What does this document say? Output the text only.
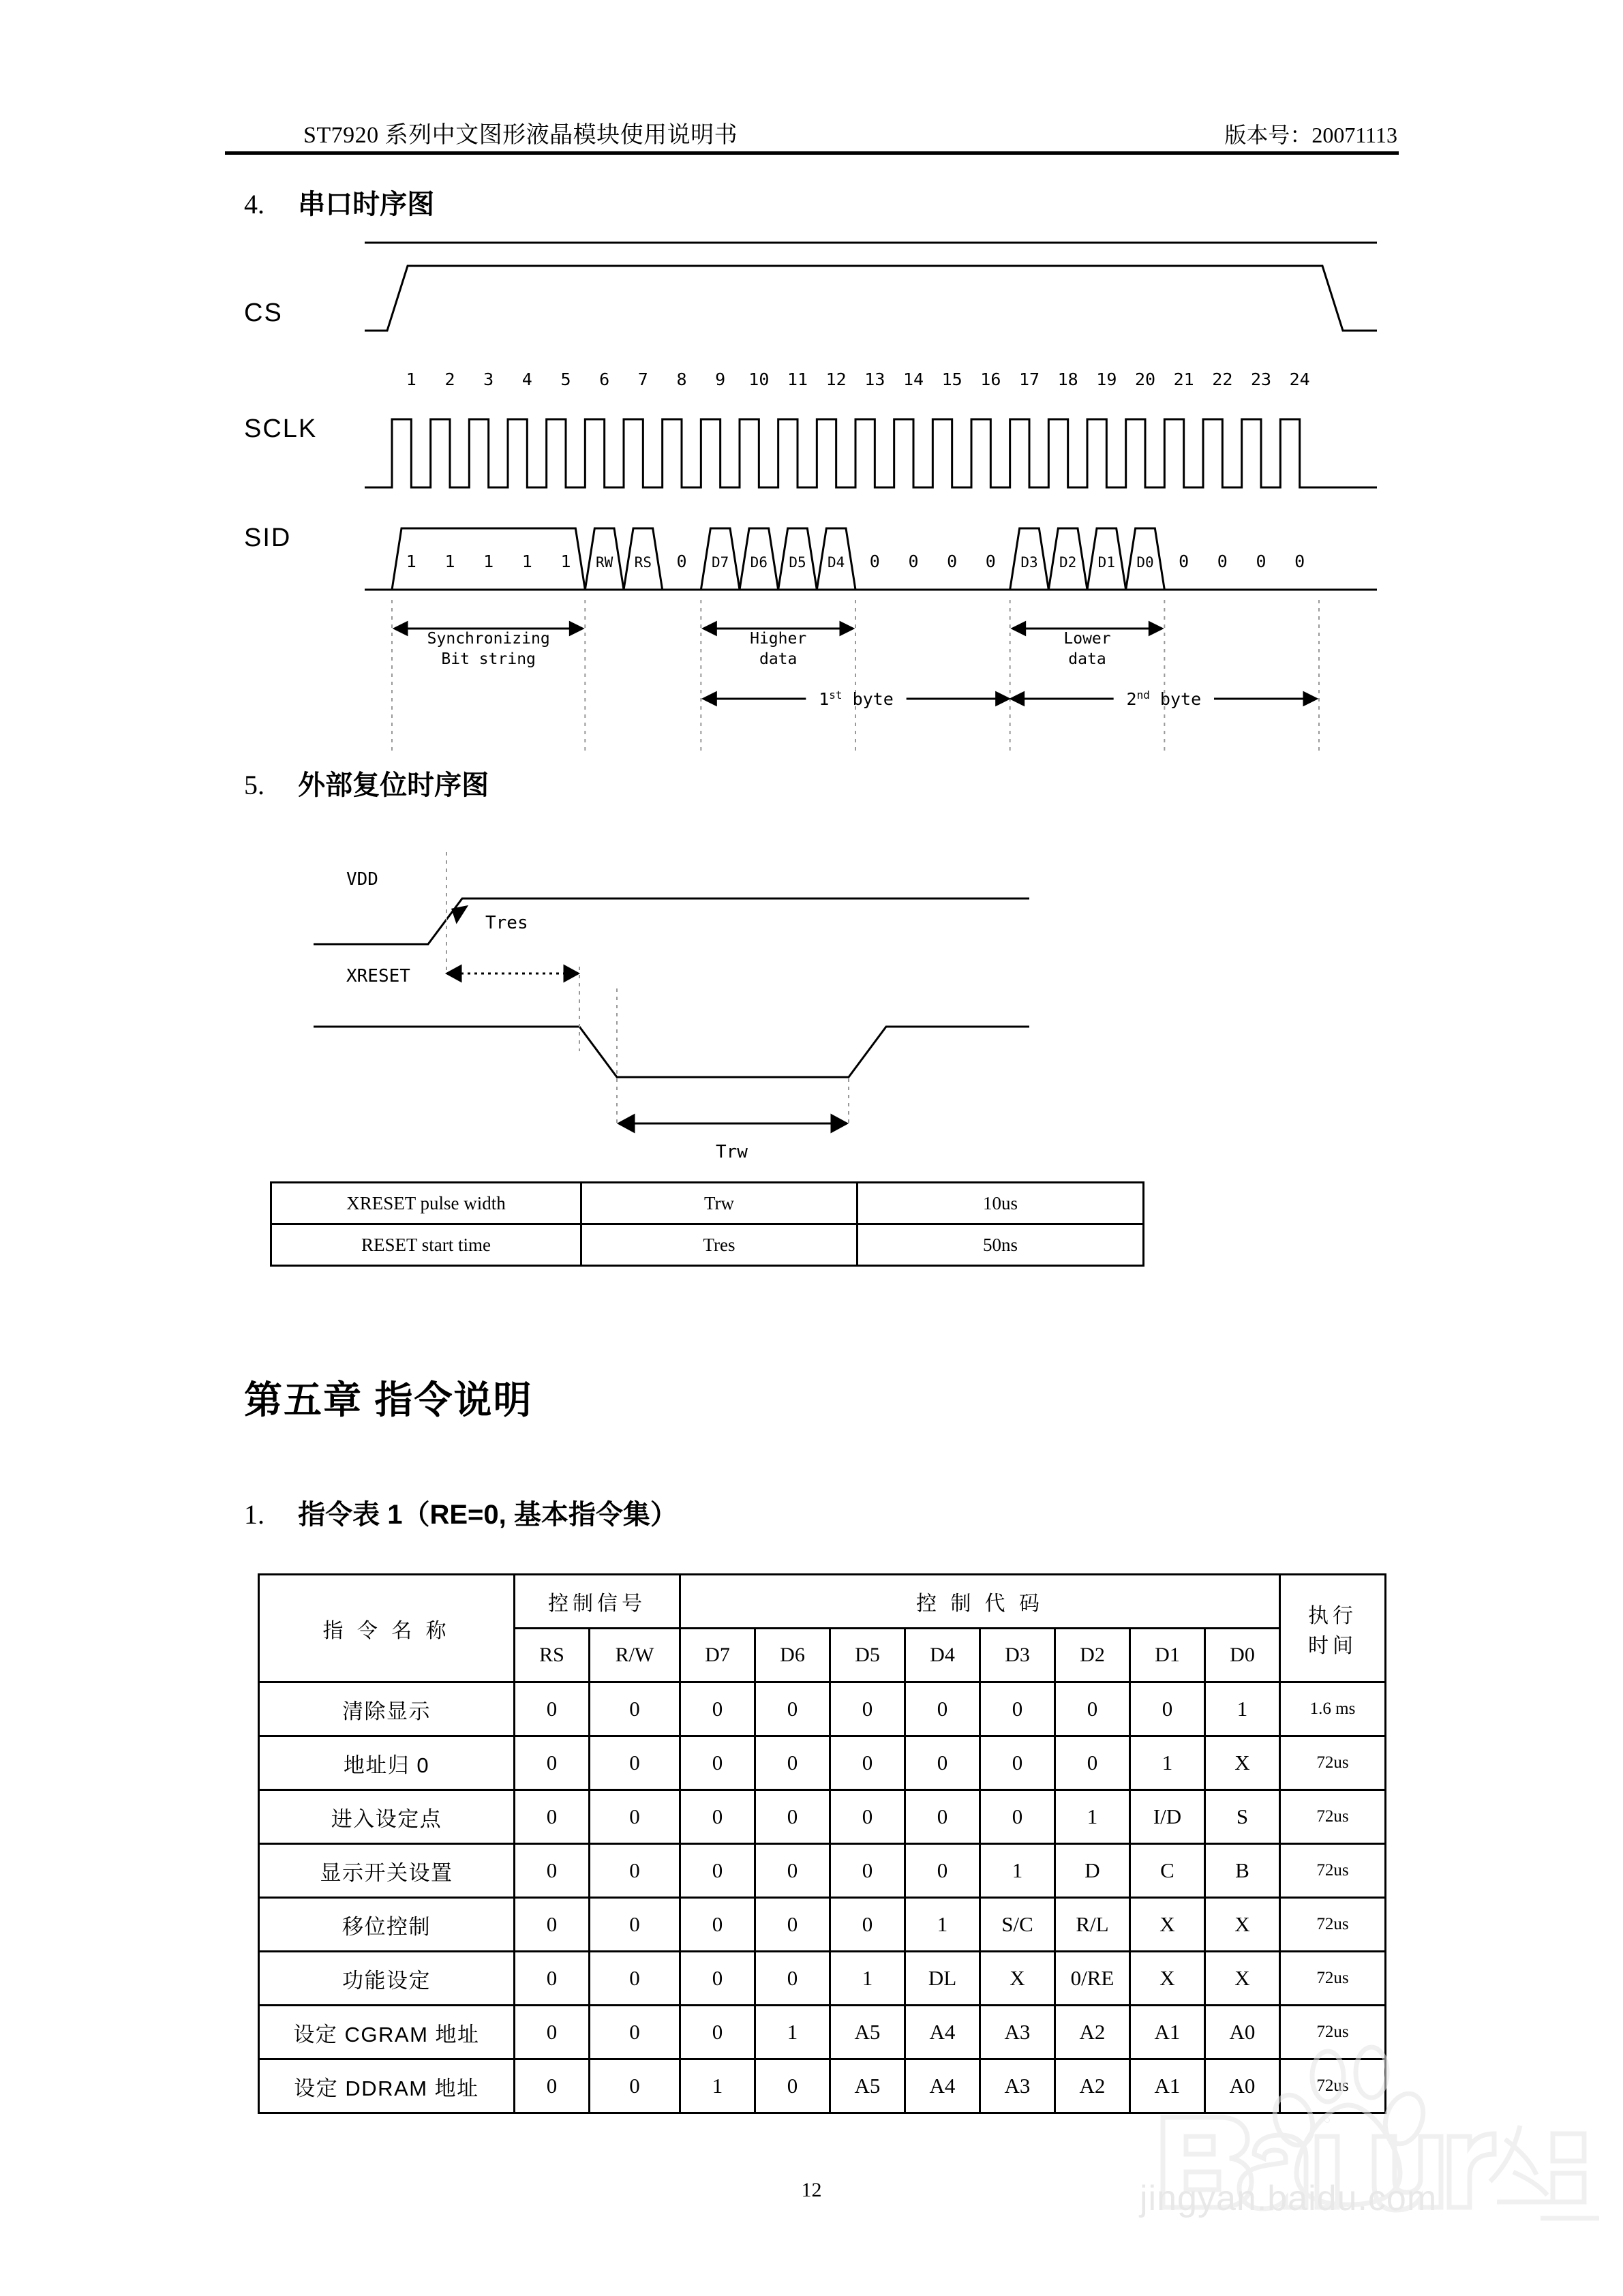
ST7920 系列中文图形液晶模块使用说明书	版本号：20071113
4. 串口时序图
CS
SCLK
SID
1 2 3 4 5 6 7 8 9 10 11 12 13 14 15 16 17 18 19 20 21 22 23 24
1 1 1 1 1 RW RS 0 D7 D6 D5 D4 0 0 0 0 D3 D2 D1 D0 0 0 0 0
Synchronizing
Bit string
Higher
data
Lower
data
1st byte	2nd byte
5. 外部复位时序图
VDD
Tres
XRESET
Trw
XRESET pulse width	Trw	10us
RESET start time	Tres	50ns
第五章 指令说明
1. 指令表 1（RE=0, 基本指令集）
指 令 名 称	控制信号		控 制 代 码								执行
时间

	RS	R/W	D7	D6	D5	D4	D3	D2	D1	D0	
清除显示	0	0	0	0	0	0	0	0	0	1	1.6 ms
地址归 0	0	0	0	0	0	0	0	0	1	X	72us
进入设定点	0	0	0	0	0	0	0	1	I/D	S	72us
显示开关设置	0	0	0	0	0	0	1	D	C	B	72us
移位控制	0	0	0	0	0	1	S/C	R/L	X	X	72us
功能设定	0	0	0	0	1	DL	X	0/RE	X	X	72us
设定 CGRAM 地址	0	0	0	1	A5	A4	A3	A2	A1	A0	72us
设定 DDRAM 地址	0	0	1	0	A5	A4	A3	A2	A1	A0	72us
jingyan.baidu.com
12
